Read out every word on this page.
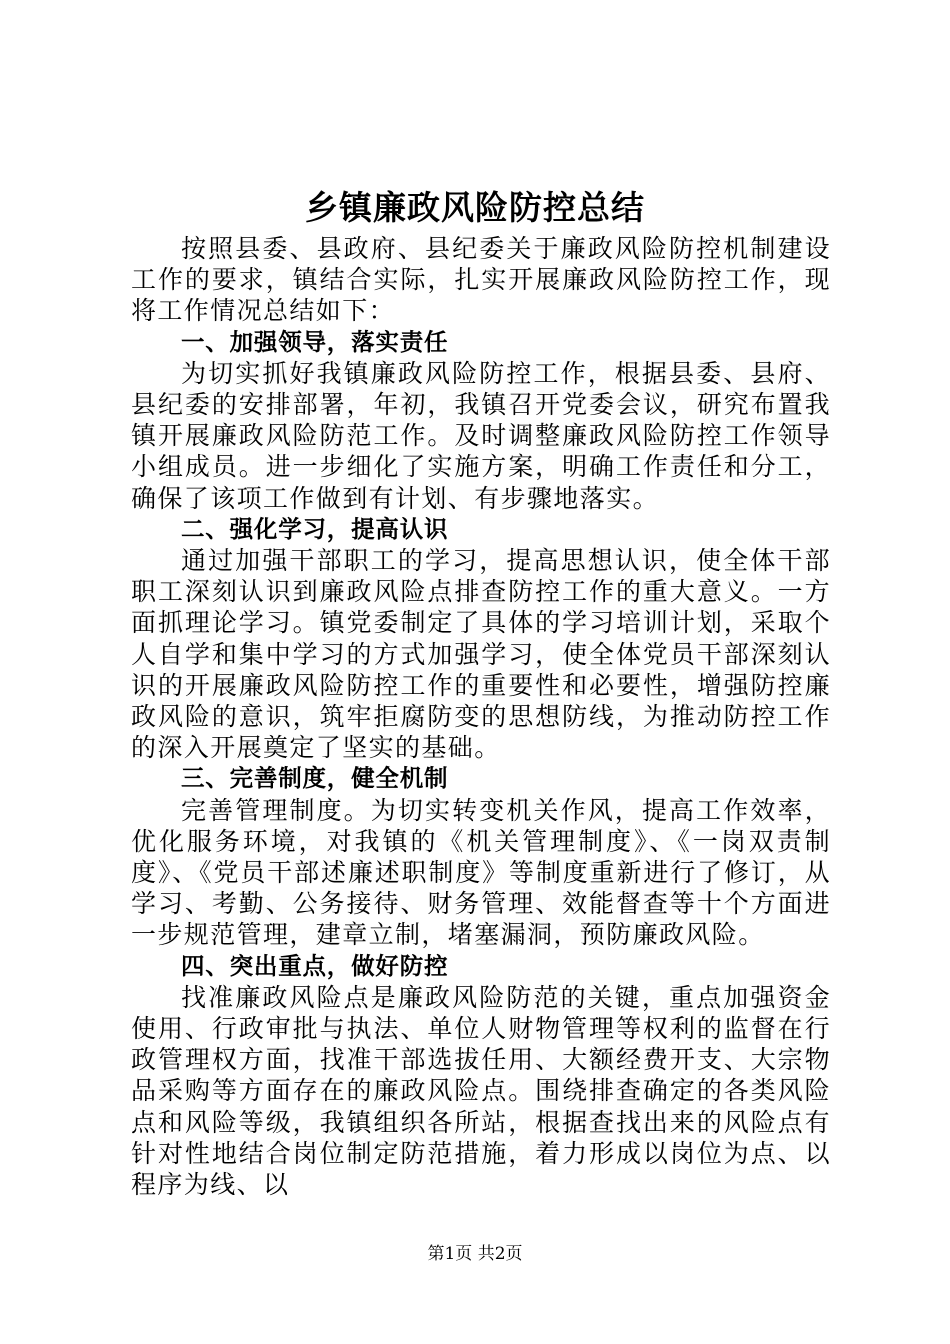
乡镇廉政风险防控总结

按照县委、县政府、县纪委关于廉政风险防控机制建设工作的要求，镇结合实际，扎实开展廉政风险防控工作，现将工作情况总结如下：

一、加强领导，落实责任

为切实抓好我镇廉政风险防控工作，根据县委、县府、县纪委的安排部署，年初，我镇召开党委会议，研究布置我镇开展廉政风险防范工作。及时调整廉政风险防控工作领导小组成员。进一步细化了实施方案，明确工作责任和分工，确保了该项工作做到有计划、有步骤地落实。

二、强化学习，提高认识

通过加强干部职工的学习，提高思想认识，使全体干部职工深刻认识到廉政风险点排查防控工作的重大意义。一方面抓理论学习。镇党委制定了具体的学习培训计划，采取个人自学和集中学习的方式加强学习，使全体党员干部深刻认识的开展廉政风险防控工作的重要性和必要性，增强防控廉政风险的意识，筑牢拒腐防变的思想防线，为推动防控工作的深入开展奠定了坚实的基础。

三、完善制度，健全机制

完善管理制度。为切实转变机关作风，提高工作效率，优化服务环境，对我镇的《机关管理制度》、《一岗双责制度》、《党员干部述廉述职制度》等制度重新进行了修订，从学习、考勤、公务接待、财务管理、效能督查等十个方面进一步规范管理，建章立制，堵塞漏洞，预防廉政风险。

四、突出重点，做好防控

找准廉政风险点是廉政风险防范的关键，重点加强资金使用、行政审批与执法、单位人财物管理等权利的监督在行政管理权方面，找准干部选拔任用、大额经费开支、大宗物品采购等方面存在的廉政风险点。围绕排查确定的各类风险点和风险等级，我镇组织各所站，根据查找出来的风险点有针对性地结合岗位制定防范措施，着力形成以岗位为点、以程序为线、以

第1页 共2页
